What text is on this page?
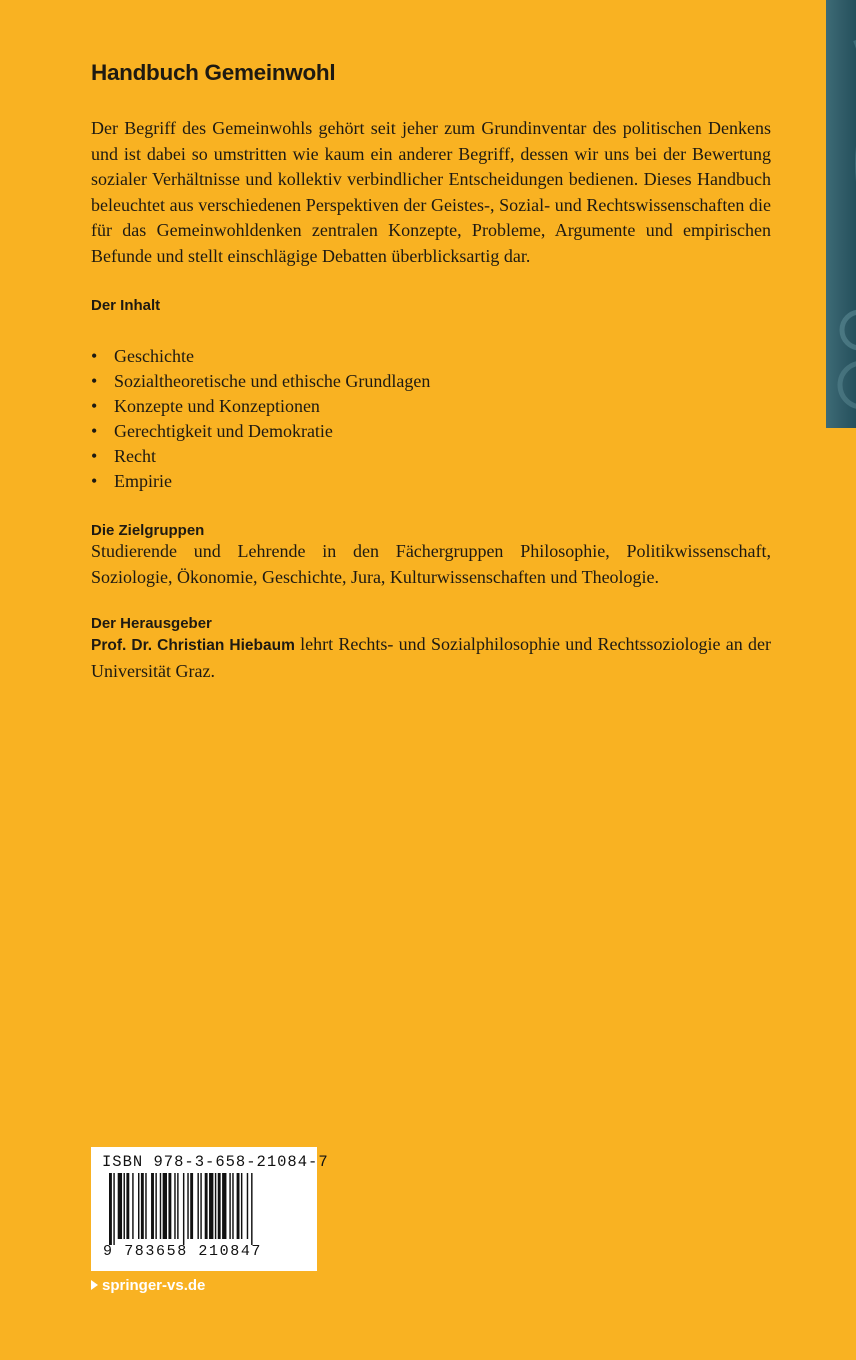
Handbuch Gemeinwohl

Der Begriff des Gemeinwohls gehört seit jeher zum Grundinventar des politischen Denkens und ist dabei so umstritten wie kaum ein anderer Begriff, dessen wir uns bei der Bewertung sozialer Verhältnisse und kollektiv verbindlicher Entscheidungen bedienen. Dieses Handbuch beleuchtet aus verschiedenen Perspektiven der Geistes-, Sozial- und Rechtswissenschaften die für das Gemeinwohldenken zentralen Konzepte, Probleme, Argumente und empirischen Befunde und stellt einschlägige Debatten überblicksartig dar.

Der Inhalt
• Geschichte
• Sozialtheoretische und ethische Grundlagen
• Konzepte und Konzeptionen
• Gerechtigkeit und Demokratie
• Recht
• Empirie
Die Zielgruppen

Studierende und Lehrende in den Fächergruppen Philosophie, Politikwissenschaft, Soziologie, Ökonomie, Geschichte, Jura, Kulturwissenschaften und Theologie.

Der Herausgeber

Prof. Dr. Christian Hiebaum lehrt Rechts- und Sozialphilosophie und Rechtssoziologie an der Universität Graz.

ISBN 978-3-658-21084-7
9 783658 210847
springer-vs.de
